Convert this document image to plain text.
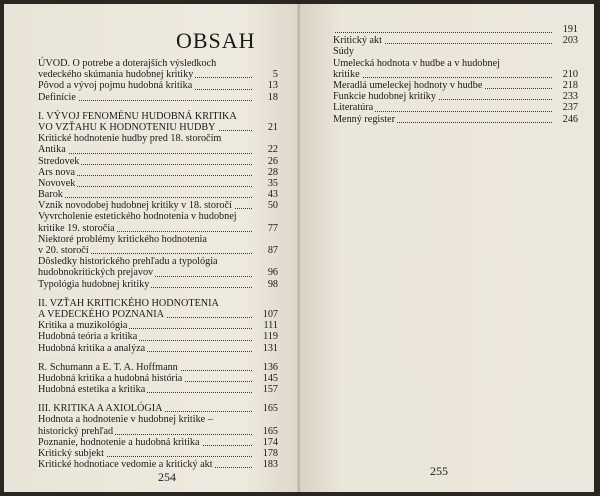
OBSAH
ÚVOD. O potrebe a doterajších výsledkoch
vedeckého skúmania hudobnej kritiky	5
Pôvod a vývoj pojmu hudobná kritika	13
Definície	18
I. VÝVOJ FENOMÉNU HUDOBNÁ KRITIKA
VO VZŤAHU K HODNOTENIU HUDBY	21
Kritické hodnotenie hudby pred 18. storočím
Antika	22
Stredovek	26
Ars nova	28
Novovek	35
Barok	43
Vznik novodobej hudobnej kritiky v 18. storočí	50
Vyvrcholenie estetického hodnotenia v hudobnej
kritike 19. storočia	77
Niektoré problémy kritického hodnotenia
v 20. storočí	87
Dôsledky historického prehľadu a typológia
hudobnokritických prejavov	96
Typológia hudobnej kritiky	98
II. VZŤAH KRITICKÉHO HODNOTENIA
A VEDECKÉHO POZNANIA	107
Kritika a muzikológia	111
Hudobná teória a kritika	119
Hudobná kritika a analýza	131
R. Schumann a E. T. A. Hoffmann	136
Hudobná kritika a hudobná história	145
Hudobná estetika a kritika	157
III. KRITIKA A AXIOLÓGIA	165
Hodnota a hodnotenie v hudobnej kritike –
historický prehľad	165
Poznanie, hodnotenie a hudobná kritika	174
Kritický subjekt	178
Kritické hodnotiace vedomie a kritický akt	183
254
191
Kritický akt	203
Súdy
Umelecká hodnota v hudbe a v hudobnej
kritike	210
Meradlá umeleckej hodnoty v hudbe	218
Funkcie hudobnej kritiky	233
Literatúra	237
Menný register	246
255
